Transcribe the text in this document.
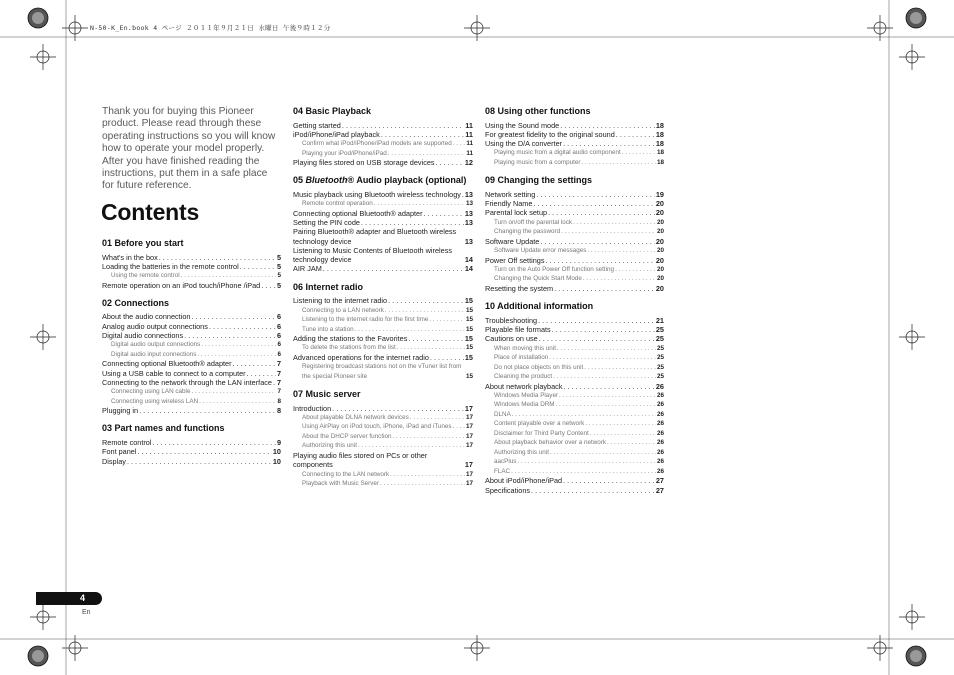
N-50-K_En.book 4 ページ ２０１１年９月２１日 水曜日 午後９時１２分
Thank you for buying this Pioneer product. Please read through these operating instructions so you will know how to operate your model properly. After you have finished reading the instructions, put them in a safe place for future reference.
Contents
01 Before you start
What's in the box . . .	5
Loading the batteries in the remote control . . .	5
Using the remote control . . .	5
Remote operation on an iPod touch/iPhone /iPad . . . 5
02 Connections
About the audio connection . . .	6
Analog audio output connections . . .	6
Digital audio connections . . .	6
Digital audio output connections . . .	6
Digital audio input connections . . .	6
Connecting optional Bluetooth® adapter . . .	7
Using a USB cable to connect to a computer . . .	7
Connecting to the network through the LAN interface . . . 7
Connecting using LAN cable . . .	7
Connecting using wireless LAN . . .	8
Plugging in . . .	8
03 Part names and functions
Remote control . . .	9
Font panel . . .	10
Display . . .	10
04 Basic Playback
Getting started . . .	11
iPod/iPhone/iPad playback . . .	11
Confirm what iPod/iPhone/iPad models are supported . . . 11
Playing your iPod/iPhone/iPad . . .	11
Playing files stored on USB storage devices . . .	12
05 Bluetooth® Audio playback (optional)
Music playback using Bluetooth wireless technology . . . 13
Remote control operation . . .	13
Connecting optional Bluetooth® adapter . . .	13
Setting the PIN code . . .	13
Pairing Bluetooth® adapter and Bluetooth wireless technology device	13
Listening to Music Contents of Bluetooth wireless technology device	14
AIR JAM . . .	14
06 Internet radio
Listening to the internet radio . . .	15
Connecting to a LAN network . . .	15
Listening to the internet radio for the first time . . .	15
Tune into a station . . .	15
Adding the stations to the Favorites . . .	15
To delete the stations from the list . . .	15
Advanced operations for the internet radio . . .	15
Registering broadcast stations not on the vTuner list from the special Pioneer site	15
07 Music server
Introduction . . .	17
About playable DLNA network devices . . .	17
Using AirPlay on iPod touch, iPhone, iPad and iTunes . . . 17
About the DHCP server function . . .	17
Authorizing this unit . . .	17
Playing audio files stored on PCs or other components	17
Connecting to the LAN network . . .	17
Playback with Music Server . . .	17
08 Using other functions
Using the Sound mode . . .	18
For greatest fidelity to the original sound . . .	18
Using the D/A converter . . .	18
Playing music from a digital audio component . . .	18
Playing music from a computer . . .	18
09 Changing the settings
Network setting . . .	19
Friendly Name . . .	20
Parental lock setup . . .	20
Turn on/off the parental lock . . .	20
Changing the password . . .	20
Software Update . . .	20
Software Update error messages . . .	20
Power Off settings . . .	20
Turn on the Auto Power Off function setting . . .	20
Changing the Quick Start Mode . . .	20
Resetting the system . . .	20
10 Additional information
Troubleshooting . . .	21
Playable file formats . . .	25
Cautions on use . . .	25
When moving this unit . . .	25
Place of installation . . .	25
Do not place objects on this unit . . .	25
Cleaning the product . . .	25
About network playback . . .	26
Windows Media Player . . .	26
Windows Media DRM . . .	26
DLNA . . .	26
Content playable over a network . . .	26
Disclaimer for Third Party Content . . .	26
About playback behavior over a network . . .	26
Authorizing this unit . . .	26
aacPlus . . .	26
FLAC . . .	26
About iPod/iPhone/iPad . . .	27
Specifications . . .	27
4
En
